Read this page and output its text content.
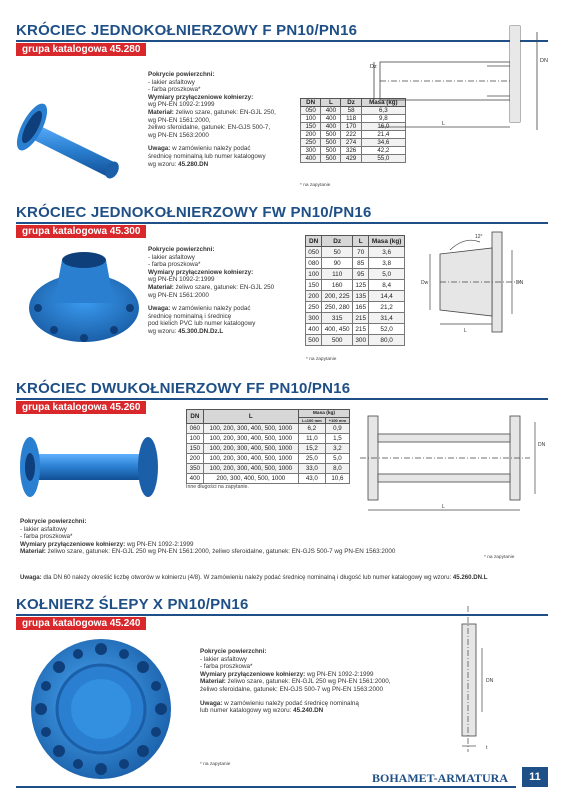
KRÓCIEC JEDNOKOŁNIERZOWY F PN10/PN16
grupa katalogowa 45.280
Pokrycie powierzchni:
- lakier asfaltowy
- farba proszkowa*
Wymiary przyłączeniowe kołnierzy:
wg PN-EN 1092-2:1999
Materiał: żeliwo szare, gatunek: EN-GJL 250,
wg PN-EN 1561:2000,
żeliwo sferoidalne, gatunek: EN-GJS 500-7,
wg PN-EN 1563:2000
Uwaga: w zamówieniu należy podać
średnicę nominalną lub numer katalogowy
wg wzoru: 45.280.DN
DN	L	Dz	Masa (kg)
050	400	58	6,3
100	400	118	9,8
150	400	170	16,0
200	500	222	21,4
250	500	274	34,6
300	500	326	42,2
400	500	429	55,0
* na zapytanie
Dz
DN
L
KRÓCIEC JEDNOKOŁNIERZOWY FW PN10/PN16
grupa katalogowa 45.300
Pokrycie powierzchni:
- lakier asfaltowy
- farba proszkowa*
Wymiary przyłączeniowe kołnierzy:
wg PN-EN 1092-2:1999
Materiał: żeliwo szare, gatunek: EN-GJL 250
wg PN-EN 1561:2000
Uwaga: w zamówieniu należy podać
średnicę nominalną i średnicę
pod kielich PVC lub numer katalogowy
wg wzoru: 45.300.DN.Dz.L
DN	Dz	L	Masa (kg)
050	50	70	3,6
080	90	85	3,8
100	110	95	5,0
150	160	125	8,4
200	200, 225	135	14,4
250	250, 280	165	21,2
300	315	215	31,4
400	400, 450	215	52,0
500	500	300	80,0
* na zapytanie
12°
Dw	DN
L
KRÓCIEC DWUKOŁNIERZOWY FF PN10/PN16
grupa katalogowa 45.260
DN	L	Masa (kg)	
		L=100 mm	+100 mm
060	100, 200, 300, 400, 500, 1000	6,2	0,9
100	100, 200, 300, 400, 500, 1000	11,0	1,5
150	100, 200, 300, 400, 500, 1000	15,2	3,2
200	100, 200, 300, 400, 500, 1000	25,0	5,0
350	100, 200, 300, 400, 500, 1000	33,0	8,0
400	200, 300, 400, 500, 1000	43,0	10,6
Inne długości na zapytanie.
DN
L
Pokrycie powierzchni:
- lakier asfaltowy
- farba proszkowa*
Wymiary przyłączeniowe kołnierzy: wg PN-EN 1092-2:1999
Materiał: żeliwo szare, gatunek: EN-GJL 250 wg PN-EN 1561:2000, żeliwo sferoidalne, gatunek: EN-GJS 500-7 wg PN-EN 1563:2000
* na zapytanie
Uwaga: dla DN 60 należy określić liczbę otworów w kołnierzu (4/8). W zamówieniu należy podać średnicę nominalną i długość lub numer katalogowy wg wzoru: 45.260.DN.L
KOŁNIERZ ŚLEPY X PN10/PN16
grupa katalogowa 45.240
Pokrycie powierzchni:
- lakier asfaltowy
- farba proszkowa*
Wymiary przyłączeniowe kołnierzy: wg PN-EN 1092-2:1999
Materiał: żeliwo szare, gatunek: EN-GJL 250 wg PN-EN 1561:2000,
żeliwo sferoidalne, gatunek: EN-GJS 500-7 wg PN-EN 1563:2000
Uwaga: w zamówieniu należy podać średnicę nominalną
lub numer katalogowy wg wzoru: 45.240.DN
* na zapytanie
DN
t
BOHAMET-ARMATURA	11
